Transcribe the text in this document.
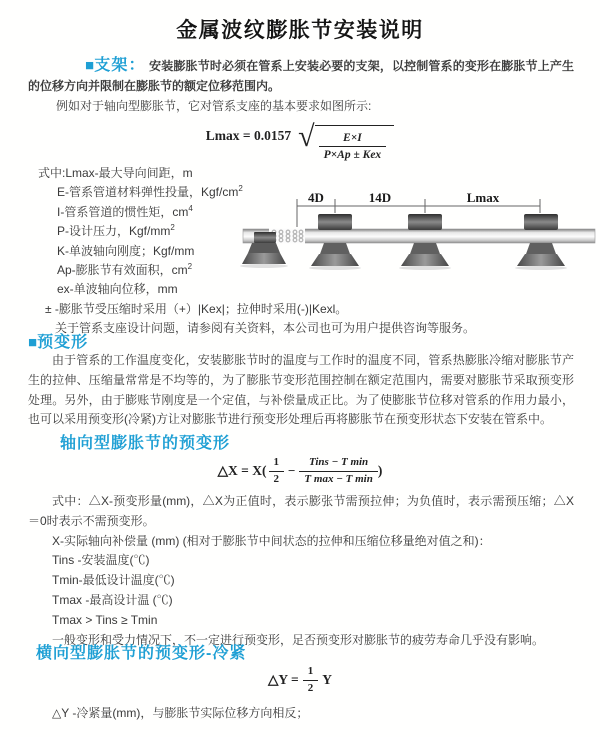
金属波纹膨胀节安装说明
■支架： 安装膨胀节时必须在管系上安装必要的支架，以控制管系的变形在膨胀节上产生的位移方向并限制在膨胀节的额定位移范围内。
例如对于轴向型膨胀节，它对管系支座的基本要求如图所示:
Lmax = 0.0157 √ $\frac{E\times I}{\text{P×Ap ± Kex}}$
式中:Lmax-最大导向间距，m
E-管系管道材料弹性投量，Kgf/$cm^2$
I-管系管道的惯性矩，$cm^4$
P-设计压力，Kgf/$mm^2$
K-单波轴向刚度；Kgf/mm
Ap-膨胀节有效面积，$cm^2$
ex-单波轴向位移，mm
± -膨胀节受压缩时采用（+）|Kex|；拉伸时采用(-)|Kexl。
关于管系支座设计问题，请参阅有关资料，本公司也可为用户提供咨询等服务。
4D	14D	Lmax
■预变形
由于管系的工作温度变化，安装膨胀节时的温度与工作时的温度不同，管系热膨胀冷缩对膨胀节产生的拉伸、压缩量常常是不均等的，为了膨胀节变形范围控制在额定范围内，需要对膨胀节采取预变形处理。另外，由于膨账节刚度是一个定值，与补偿量成正比。为了使膨胀节位移对管系的作用力最小，也可以采用预变形(冷紧)方让对膨胀节进行预变形处理后再将膨胀节在预变形状态下安装在管系中。
轴向型膨胀节的预变形
△X = $X( \frac{1}{2} - \frac{\text{Tins − T min}}{\text{T max − T min}}$ )

式中：△X-预变形量(mm)，△X为正值时，表示膨张节需预拉伸；为负值时，表示需预压缩；△X＝0时表示不需预变形。

X-实际轴向补偿量 (mm) (相对于膨胀节中间状态的拉伸和压缩位移量绝对值之和)：

Tins -安装温度(℃)

Tmin-最低设计温度(℃)

Tmax -最高设计温 (℃)

Tmax > Tins ≥ Tmin

一般变形和受力情况下，不一定进行预变形，足否预变形对膨胀节的疲劳寿命几乎没有影响。

横向型膨胀节的预变形-冷紧
△Y = $\frac{1}{2}$ Y
△Y -冷紧量(mm)，与膨胀节实际位移方向相反；
